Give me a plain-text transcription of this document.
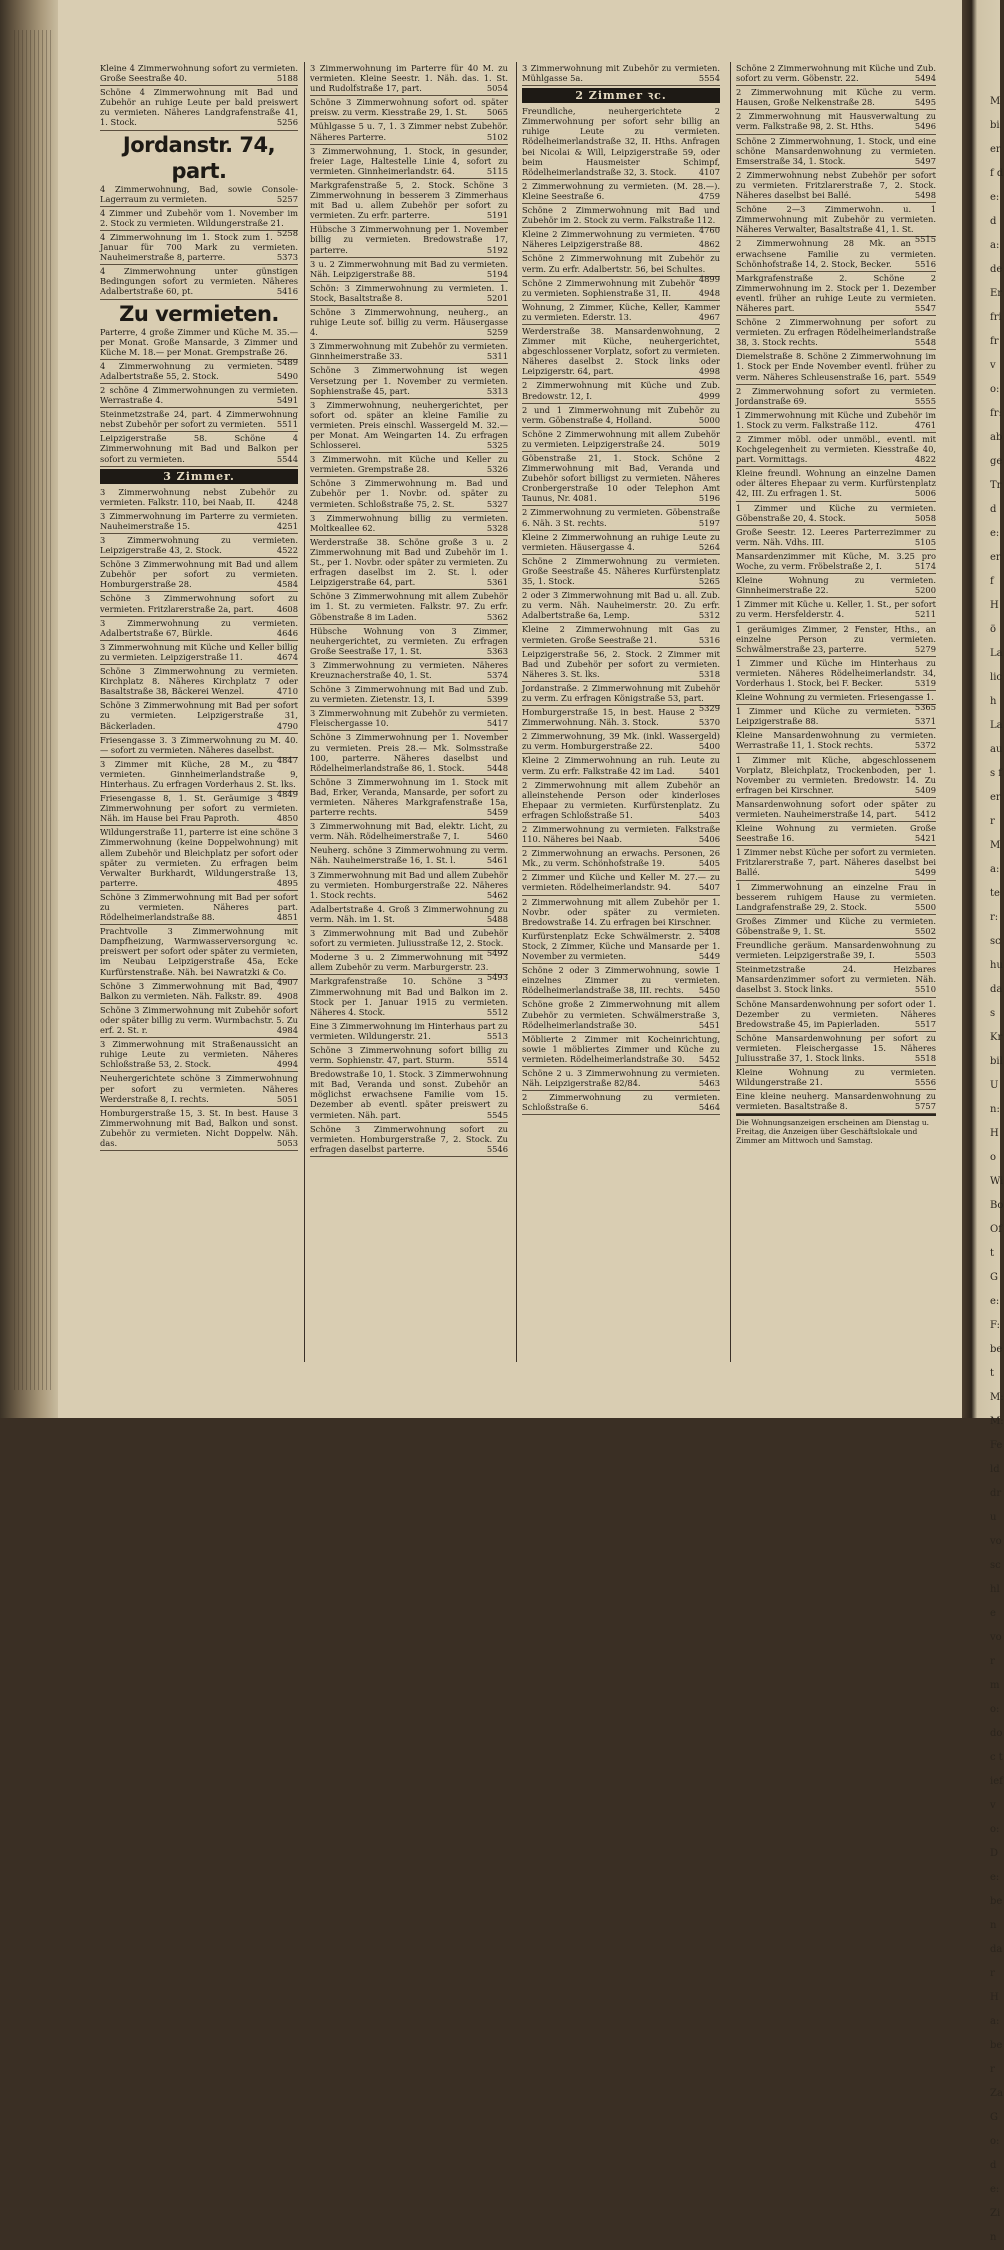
Kleine 4 Zimmerwohnung sofort zu vermieten. Große Seestraße 40.	5188
Schöne 4 Zimmerwohnung mit Bad und Zubehör an ruhige Leute per bald preiswert zu vermieten. Näheres Landgrafenstraße 41, 1. Stock.	5256
Jordanstr. 74, part.
4 Zimmerwohnung, Bad, sowie Console-Lagerraum zu vermieten.	5257
4 Zimmer und Zubehör vom 1. November im 2. Stock zu vermieten. Wildungerstraße 21.
5258
4 Zimmerwohnung im 1. Stock zum 1. Januar für 700 Mark zu vermieten. Nauheimerstraße 8, parterre.	5373
4 Zimmerwohnung unter günstigen Bedingungen sofort zu vermieten. Näheres Adalbertstraße 60, pt.	5416
Zu vermieten.
Parterre, 4 große Zimmer und Küche M. 35.— per Monat. Große Mansarde, 3 Zimmer und Küche M. 18.— per Monat. Grempstraße 26.
5489
4 Zimmerwohnung zu vermieten. Adalbertstraße 55, 2. Stock.	5490
2 schöne 4 Zimmerwohnungen zu vermieten. Werrastraße 4.	5491
Steinmetzstraße 24, part. 4 Zimmerwohnung nebst Zubehör per sofort zu vermieten. 5511
Leipzigerstraße 58. Schöne 4 Zimmerwohnung mit Bad und Balkon per sofort zu vermieten.	5544
3 Zimmer.
3 Zimmerwohnung nebst Zubehör zu vermieten. Falkstr. 110, bei Naab, II.	4248
3 Zimmerwohnung im Parterre zu vermieten. Nauheimerstraße 15.	4251
3 Zimmerwohnung zu vermieten. Leipzigerstraße 43, 2. Stock.	4522
Schöne 3 Zimmerwohnung mit Bad und allem Zubehör per sofort zu vermieten. Homburgerstraße 28.	4584
Schöne 3 Zimmerwohnung sofort zu vermieten. Fritzlarerstraße 2a, part.	4608
3 Zimmerwohnung zu vermieten. Adalbertstraße 67, Bürkle.	4646
3 Zimmerwohnung mit Küche und Keller billig zu vermieten. Leipzigerstraße 11.	4674
Schöne 3 Zimmerwohnung zu vermieten. Kirchplatz 8. Näheres Kirchplatz 7 oder Basaltstraße 38, Bäckerei Wenzel.	4710
Schöne 3 Zimmerwohnung mit Bad per sofort zu vermieten. Leipzigerstraße 31, Bäckerladen.	4790
Friesengasse 3. 3 Zimmerwohnung zu M. 40.— sofort zu vermieten. Näheres daselbst.
4847
3 Zimmer mit Küche, 28 M., zu vermieten. Ginnheimerlandstraße 9, Hinterhaus. Zu erfragen Vorderhaus 2. St. lks.
4849
Friesengasse 8, 1. St. Geräumige 3 Zimmerwohnung per sofort zu vermieten. Näh. im Hause bei Frau Paproth.	4850
Wildungerstraße 11, parterre ist eine schöne 3 Zimmerwohnung (keine Doppelwohnung) mit allem Zubehör und Bleichplatz per sofort oder später zu vermieten. Zu erfragen beim Verwalter Burkhardt, Wildungerstraße 13, parterre.	4895
Schöne 3 Zimmerwohnung mit Bad per sofort zu vermieten. Näheres part. Rödelheimerlandstraße 88.	4851
Prachtvolle 3 Zimmerwohnung mit Dampfheizung, Warmwasserversorgung ꝛc. preiswert per sofort oder später zu vermieten, im Neubau Leipzigerstraße 45a, Ecke Kurfürstenstraße. Näh. bei Nawratzki & Co.
4907
Schöne 3 Zimmerwohnung mit Bad, Balkon zu vermieten. Näh. Falkstr. 89. 4908
Schöne 3 Zimmerwohnung mit Zubehör sofort oder später billig zu verm. Wurmbachstr. 5. Zu erf. 2. St. r.	4984
3 Zimmerwohnung mit Straßenaussicht an ruhige Leute zu vermieten. Näheres Schloßstraße 53, 2. Stock.	4994
Neuhergerichtete schöne 3 Zimmerwohnung per sofort zu vermieten. Näheres Werderstraße 8, I. rechts.	5051
Homburgerstraße 15, 3. St. In best. Hause 3 Zimmerwohnung mit Bad, Balkon und sonst. Zubehör zu vermieten. Nicht Doppelw. Näh. das.	5053
3 Zimmerwohnung im Parterre für 40 M. zu vermieten. Kleine Seestr. 1. Näh. das. 1. St. und Rudolfstraße 17, part.	5054
Schöne 3 Zimmerwohnung sofort od. später preisw. zu verm. Kiesstraße 29, 1. St. 5065
Mühlgasse 5 u. 7, 1. 3 Zimmer nebst Zubehör. Näheres Parterre.	5102
3 Zimmerwohnung, 1. Stock, in gesunder, freier Lage, Haltestelle Linie 4, sofort zu vermieten. Ginnheimerlandstr. 64.	5115
Markgrafenstraße 5, 2. Stock. Schöne 3 Zimmerwohnung in besserem 3 Zimmerhaus mit Bad u. allem Zubehör per sofort zu vermieten. Zu erfr. parterre.	5191
Hübsche 3 Zimmerwohnung per 1. November billig zu vermieten. Bredowstraße 17, parterre.	5192
3 u. 2 Zimmerwohnung mit Bad zu vermieten. Näh. Leipzigerstraße 88.	5194
Schön: 3 Zimmerwohnung zu vermieten. 1. Stock, Basaltstraße 8.	5201
Schöne 3 Zimmerwohnung, neuherg., an ruhige Leute sof. billig zu verm. Häusergasse 4.	5259
3 Zimmerwohnung mit Zubehör zu vermieten. Ginnheimerstraße 33.	5311
Schöne 3 Zimmerwohnung ist wegen Versetzung per 1. November zu vermieten. Sophienstraße 45, part.	5313
3 Zimmerwohnung, neuhergerichtet, per sofort od. später an kleine Familie zu vermieten. Preis einschl. Wassergeld M. 32.— per Monat. Am Weingarten 14. Zu erfragen Schlosserei.	5325
3 Zimmerwohn. mit Küche und Keller zu vermieten. Grempstraße 28.	5326
Schöne 3 Zimmerwohnung m. Bad und Zubehör per 1. Novbr. od. später zu vermieten. Schloßstraße 75, 2. St.	5327
3 Zimmerwohnung billig zu vermieten. Moltkeallee 62.	5328
Werderstraße 38. Schöne große 3 u. 2 Zimmerwohnung mit Bad und Zubehör im 1. St., per 1. Novbr. oder später zu vermieten. Zu erfragen daselbst im 2. St. l. oder Leipzigerstraße 64, part.	5361
Schöne 3 Zimmerwohnung mit allem Zubehör im 1. St. zu vermieten. Falkstr. 97. Zu erfr. Göbenstraße 8 im Laden.	5362
Hübsche Wohnung von 3 Zimmer, neuhergerichtet, zu vermieten. Zu erfragen Große Seestraße 17, 1. St.	5363
3 Zimmerwohnung zu vermieten. Näheres Kreuznacherstraße 40, 1. St.	5374
Schöne 3 Zimmerwohnung mit Bad und Zub. zu vermieten. Zietenstr. 13, I.	5399
3 Zimmerwohnung mit Zubehör zu vermieten. Fleischergasse 10.	5417
Schöne 3 Zimmerwohnung per 1. November zu vermieten. Preis 28.— Mk. Solmsstraße 100, parterre. Näheres daselbst und Rödelheimerlandstraße 86, 1. Stock.	5448
Schöne 3 Zimmerwohnung im 1. Stock mit Bad, Erker, Veranda, Mansarde, per sofort zu vermieten. Näheres Markgrafenstraße 15a, parterre rechts.	5459
3 Zimmerwohnung mit Bad, elektr. Licht, zu verm. Näh. Rödelheimerstraße 7, I.	5460
Neuherg. schöne 3 Zimmerwohnung zu verm. Näh. Nauheimerstraße 16, 1. St. l.	5461
3 Zimmerwohnung mit Bad und allem Zubehör zu vermieten. Homburgerstraße 22. Näheres 1. Stock rechts.	5462
Adalbertstraße 4. Groß 3 Zimmerwohnung zu verm. Näh. im 1. St.	5488
3 Zimmerwohnung mit Bad und Zubehör sofort zu vermieten. Juliusstraße 12, 2. Stock.
5492
Moderne 3 u. 2 Zimmerwohnung mit allem Zubehör zu verm. Marburgerstr. 23.
5493
Markgrafenstraße 10. Schöne 3 Zimmerwohnung mit Bad und Balkon im 2. Stock per 1. Januar 1915 zu vermieten. Näheres 4. Stock.	5512
Eine 3 Zimmerwohnung im Hinterhaus part zu vermieten. Wildungerstr. 21.	5513
Schöne 3 Zimmerwohnung sofort billig zu verm. Sophienstr. 47, part. Sturm.	5514
Bredowstraße 10, 1. Stock. 3 Zimmerwohnung mit Bad, Veranda und sonst. Zubehör an möglichst erwachsene Familie vom 15. Dezember ab eventl. später preiswert zu vermieten. Näh. part.	5545
Schöne 3 Zimmerwohnung sofort zu vermieten. Homburgerstraße 7, 2. Stock. Zu erfragen daselbst parterre.	5546
3 Zimmerwohnung mit Zubehör zu vermieten. Mühlgasse 5a.	5554
2 Zimmer ꝛc.
Freundliche, neuhergerichtete 2 Zimmerwohnung per sofort sehr billig an ruhige Leute zu vermieten. Rödelheimerlandstraße 32, II. Hths. Anfragen bei Nicolai & Will, Leipzigerstraße 59, oder beim Hausmeister Schimpf, Rödelheimerlandstraße 32, 3. Stock.	4107
2 Zimmerwohnung zu vermieten. (M. 28.—). Kleine Seestraße 6.	4759
Schöne 2 Zimmerwohnung mit Bad und Zubehör im 2. Stock zu verm. Falkstraße 112.
4760
Kleine 2 Zimmerwohnung zu vermieten. Näheres Leipzigerstraße 88.	4862
Schöne 2 Zimmerwohnung mit Zubehör zu verm. Zu erfr. Adalbertstr. 56, bei Schultes.
4899
Schöne 2 Zimmerwohnung mit Zubehör zu vermieten. Sophienstraße 31, II.	4948
Wohnung, 2 Zimmer, Küche, Keller, Kammer zu vermieten. Ederstr. 13.	4967
Werderstraße 38. Mansardenwohnung, 2 Zimmer mit Küche, neuhergerichtet, abgeschlossener Vorplatz, sofort zu vermieten. Näheres daselbst 2. Stock links oder Leipzigerstr. 64, part.	4998
2 Zimmerwohnung mit Küche und Zub. Bredowstr. 12, I.	4999
2 und 1 Zimmerwohnung mit Zubehör zu verm. Göbenstraße 4, Holland.	5000
Schöne 2 Zimmerwohnung mit allem Zubehör zu vermieten. Leipzigerstraße 24.	5019
Göbenstraße 21, 1. Stock. Schöne 2 Zimmerwohnung mit Bad, Veranda und Zubehör sofort billigst zu vermieten. Näheres Cronbergerstraße 10 oder Telephon Amt Taunus, Nr. 4081.	5196
2 Zimmerwohnung zu vermieten. Göbenstraße 6. Näh. 3 St. rechts.	5197
Kleine 2 Zimmerwohnung an ruhige Leute zu vermieten. Häusergasse 4.	5264
Schöne 2 Zimmerwohnung zu vermieten. Große Seestraße 45. Näheres Kurfürstenplatz 35, 1. Stock.	5265
2 oder 3 Zimmerwohnung mit Bad u. all. Zub. zu verm. Näh. Nauheimerstr. 20. Zu erfr. Adalbertstraße 6a, Lemp.	5312
Kleine 2 Zimmerwohnung mit Gas zu vermieten. Große Seestraße 21.	5316
Leipzigerstraße 56, 2. Stock. 2 Zimmer mit Bad und Zubehör per sofort zu vermieten. Näheres 3. St. lks.	5318
Jordanstraße. 2 Zimmerwohnung mit Zubehör zu verm. Zu erfragen Königstraße 53, part.
5329
Homburgerstraße 15, in best. Hause 2 Zimmerwohnung. Näh. 3. Stock.	5370
2 Zimmerwohnung, 39 Mk. (inkl. Wassergeld) zu verm. Homburgerstraße 22.	5400
Kleine 2 Zimmerwohnung an ruh. Leute zu verm. Zu erfr. Falkstraße 42 im Lad.	5401
2 Zimmerwohnung mit allem Zubehör an alleinstehende Person oder kinderloses Ehepaar zu vermieten. Kurfürstenplatz. Zu erfragen Schloßstraße 51.	5403
2 Zimmerwohnung zu vermieten. Falkstraße 110. Näheres bei Naab.	5406
2 Zimmerwohnung an erwachs. Personen, 26 Mk., zu verm. Schönhofstraße 19.	5405
2 Zimmer und Küche und Keller M. 27.— zu vermieten. Rödelheimerlandstr. 94.	5407
2 Zimmerwohnung mit allem Zubehör per 1. Novbr. oder später zu vermieten. Bredowstraße 14. Zu erfragen bei Kirschner.
5408
Kurfürstenplatz Ecke Schwälmerstr. 2. Stock, 2 Zimmer, Küche und Mansarde per 1. November zu vermieten.	5449
Schöne 2 oder 3 Zimmerwohnung, sowie 1 einzelnes Zimmer zu vermieten. Rödelheimerlandstraße 38, III. rechts. 5450
Schöne große 2 Zimmerwohnung mit allem Zubehör zu vermieten. Schwälmerstraße 3, Rödelheimerlandstraße 30.	5451
Möblierte 2 Zimmer mit Kocheinrichtung, sowie 1 möbliertes Zimmer und Küche zu vermieten. Rödelheimerlandstraße 30. 5452
Schöne 2 u. 3 Zimmerwohnung zu vermieten. Näh. Leipzigerstraße 82/84.	5463
2 Zimmerwohnung zu vermieten. Schloßstraße 6.	5464
Schöne 2 Zimmerwohnung mit Küche und Zub. sofort zu verm. Göbenstr. 22.	5494
2 Zimmerwohnung mit Küche zu verm. Hausen, Große Nelkenstraße 28.	5495
2 Zimmerwohnung mit Hausverwaltung zu verm. Falkstraße 98, 2. St. Hths.	5496
Schöne 2 Zimmerwohnung, 1. Stock, und eine schöne Mansardenwohnung zu vermieten. Emserstraße 34, 1. Stock.	5497
2 Zimmerwohnung nebst Zubehör per sofort zu vermieten. Fritzlarerstraße 7, 2. Stock. Näheres daselbst bei Ballé.	5498
Schöne 2—3 Zimmerwohn. u. 1 Zimmerwohnung mit Zubehör zu vermieten. Näheres Verwalter, Basaltstraße 41, 1. St.
5515
2 Zimmerwohnung 28 Mk. an erwachsene Familie zu vermieten. Schönhofstraße 14, 2. Stock, Becker.	5516
Markgrafenstraße 2. Schöne 2 Zimmerwohnung im 2. Stock per 1. Dezember eventl. früher an ruhige Leute zu vermieten. Näheres part.	5547
Schöne 2 Zimmerwohnung per sofort zu vermieten. Zu erfragen Rödelheimerlandstraße 38, 3. Stock rechts.	5548
Diemelstraße 8. Schöne 2 Zimmerwohnung im 1. Stock per Ende November eventl. früher zu verm. Näheres Schleusenstraße 16, part. 5549
2 Zimmerwohnung sofort zu vermieten. Jordanstraße 69.	5555
1 Zimmerwohnung mit Küche und Zubehör im 1. Stock zu verm. Falkstraße 112.	4761
2 Zimmer möbl. oder unmöbl., eventl. mit Kochgelegenheit zu vermieten. Kiesstraße 40, part. Vormittags.	4822
Kleine freundl. Wohnung an einzelne Damen oder älteres Ehepaar zu verm. Kurfürstenplatz 42, III. Zu erfragen 1. St.	5006
1 Zimmer und Küche zu vermieten. Göbenstraße 20, 4. Stock.	5058
Große Seestr. 12. Leeres Parterrezimmer zu verm. Näh. Vdhs. III.	5105
Mansardenzimmer mit Küche, M. 3.25 pro Woche, zu verm. Fröbelstraße 2, I.	5174
Kleine Wohnung zu vermieten. Ginnheimerstraße 22.	5200
1 Zimmer mit Küche u. Keller, 1. St., per sofort zu verm. Hersfelderstr. 4.	5211
1 geräumiges Zimmer, 2 Fenster, Hths., an einzelne Person zu vermieten. Schwälmerstraße 23, parterre.	5279
1 Zimmer und Küche im Hinterhaus zu vermieten. Näheres Rödelheimerlandstr. 34, Vorderhaus 1. Stock, bei F. Becker.	5319
Kleine Wohnung zu vermieten. Friesengasse 1.
5365
1 Zimmer und Küche zu vermieten. Leipzigerstraße 88.	5371
Kleine Mansardenwohnung zu vermieten. Werrastraße 11, 1. Stock rechts.	5372
1 Zimmer mit Küche, abgeschlossenem Vorplatz, Bleichplatz, Trockenboden, per 1. November zu vermieten. Bredowstr. 14. Zu erfragen bei Kirschner.	5409
Mansardenwohnung sofort oder später zu vermieten. Nauheimerstraße 14, part. 5412
Kleine Wohnung zu vermieten. Große Seestraße 16.	5421
1 Zimmer nebst Küche per sofort zu vermieten. Fritzlarerstraße 7, part. Näheres daselbst bei Ballé.	5499
1 Zimmerwohnung an einzelne Frau in besserem ruhigem Hause zu vermieten. Landgrafenstraße 29, 2. Stock.	5500
Großes Zimmer und Küche zu vermieten. Göbenstraße 9, 1. St.	5502
Freundliche geräum. Mansardenwohnung zu vermieten. Leipzigerstraße 39, I.	5503
Steinmetzstraße 24. Heizbares Mansardenzimmer sofort zu vermieten. Näh. daselbst 3. Stock links.	5510
Schöne Mansardenwohnung per sofort oder 1. Dezember zu vermieten. Näheres Bredowstraße 45, im Papierladen.	5517
Schöne Mansardenwohnung per sofort zu vermieten. Fleischergasse 15. Näheres Juliusstraße 37, 1. Stock links.	5518
Kleine Wohnung zu vermieten. Wildungerstraße 21.	5556
Eine kleine neuherg. Mansardenwohnung zu vermieten. Basaltstraße 8.	5757
Die Wohnungsanzeigen erscheinen am Dienstag u. Freitag, die Anzeigen über Geschäftslokale und Zimmer am Mittwoch und Samstag.
M bi erf de: da: de Er fri fr vo: fr: ab ge Tr de: erf Hö La lich La aus ferr Ma: ter: schu das Kr bil Un: Ho Wi Bo Oft Ge: F: bet M: M: Feld dru vo schle vor mo: doc tief vo: De: ben dar Ha: ber Za Go: de: Zin
